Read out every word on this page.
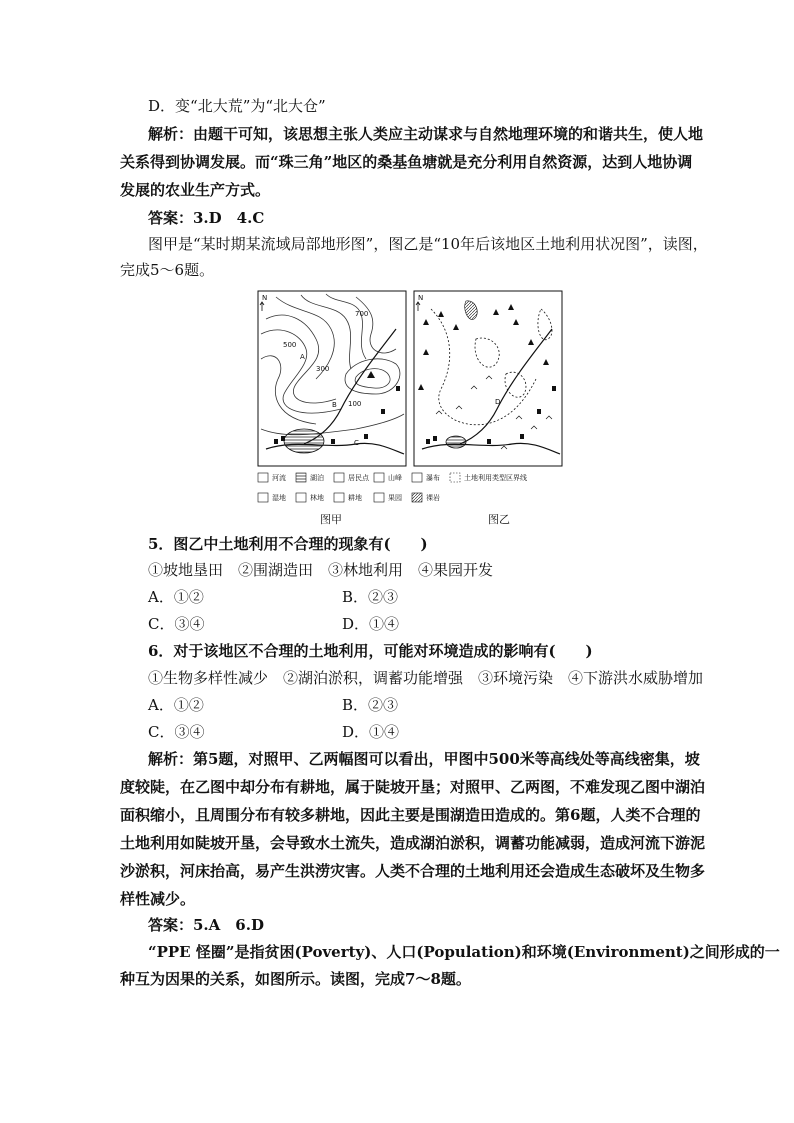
D．变“北大荒”为“北大仓”
解析：由题干可知，该思想主张人类应主动谋求与自然地理环境的和谐共生，使人地
关系得到协调发展。而“珠三角”地区的桑基鱼塘就是充分利用自然资源，达到人地协调
发展的农业生产方式。
答案：3.D　4.C
图甲是“某时期某流域局部地形图”，图乙是“10年后该地区土地利用状况图”，读图，
完成5～6题。
N
700
500
300
100
A
B
C
N
D
河流	湖泊	居民点	山峰	瀑布	土地利用类型区界线
湿地	林地	耕地	果园	裸岩
图甲	图乙
5．图乙中土地利用不合理的现象有(　　)
①坡地垦田　②围湖造田　③林地利用　④果园开发
A．①②	B．②③
C．③④	D．①④
6．对于该地区不合理的土地利用，可能对环境造成的影响有(　　)
①生物多样性减少　②湖泊淤积，调蓄功能增强　③环境污染　④下游洪水威胁增加
A．①②	B．②③
C．③④	D．①④
解析：第5题，对照甲、乙两幅图可以看出，甲图中500米等高线处等高线密集，坡
度较陡，在乙图中却分布有耕地，属于陡坡开垦；对照甲、乙两图，不难发现乙图中湖泊
面积缩小，且周围分布有较多耕地，因此主要是围湖造田造成的。第6题，人类不合理的
土地利用如陡坡开垦，会导致水土流失，造成湖泊淤积，调蓄功能减弱，造成河流下游泥
沙淤积，河床抬高，易产生洪涝灾害。人类不合理的土地利用还会造成生态破坏及生物多
样性减少。
答案：5.A　6.D
“PPE 怪圈”是指贫困(Poverty)、人口(Population)和环境(Environment)之间形成的一
种互为因果的关系，如图所示。读图，完成7～8题。
